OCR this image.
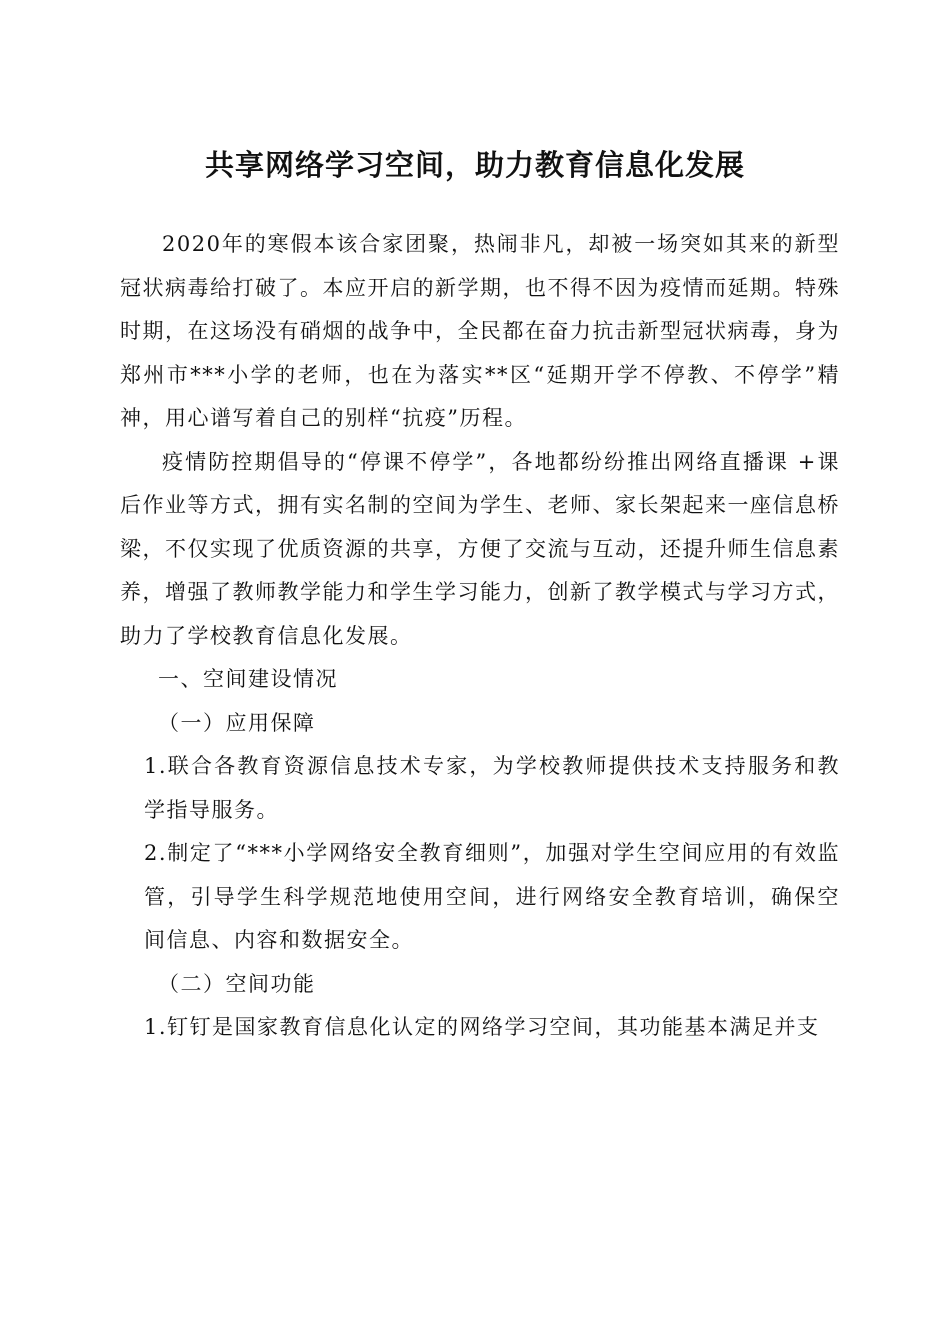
共享网络学习空间，助力教育信息化发展

2020年的寒假本该合家团聚，热闹非凡，却被一场突如其来的新型冠状病毒给打破了。本应开启的新学期，也不得不因为疫情而延期。特殊时期，在这场没有硝烟的战争中，全民都在奋力抗击新型冠状病毒，身为郑州市***小学的老师，也在为落实**区“延期开学不停教、不停学”精神，用心谱写着自己的别样“抗疫”历程。

疫情防控期倡导的“停课不停学”，各地都纷纷推出网络直播课 +课后作业等方式，拥有实名制的空间为学生、老师、家长架起来一座信息桥梁，不仅实现了优质资源的共享，方便了交流与互动，还提升师生信息素养，增强了教师教学能力和学生学习能力，创新了教学模式与学习方式，助力了学校教育信息化发展。

一、空间建设情况

（一）应用保障

1.联合各教育资源信息技术专家，为学校教师提供技术支持服务和教学指导服务。

2.制定了“***小学网络安全教育细则”，加强对学生空间应用的有效监管，引导学生科学规范地使用空间，进行网络安全教育培训，确保空间信息、内容和数据安全。

（二）空间功能

1.钉钉是国家教育信息化认定的网络学习空间，其功能基本满足并支
